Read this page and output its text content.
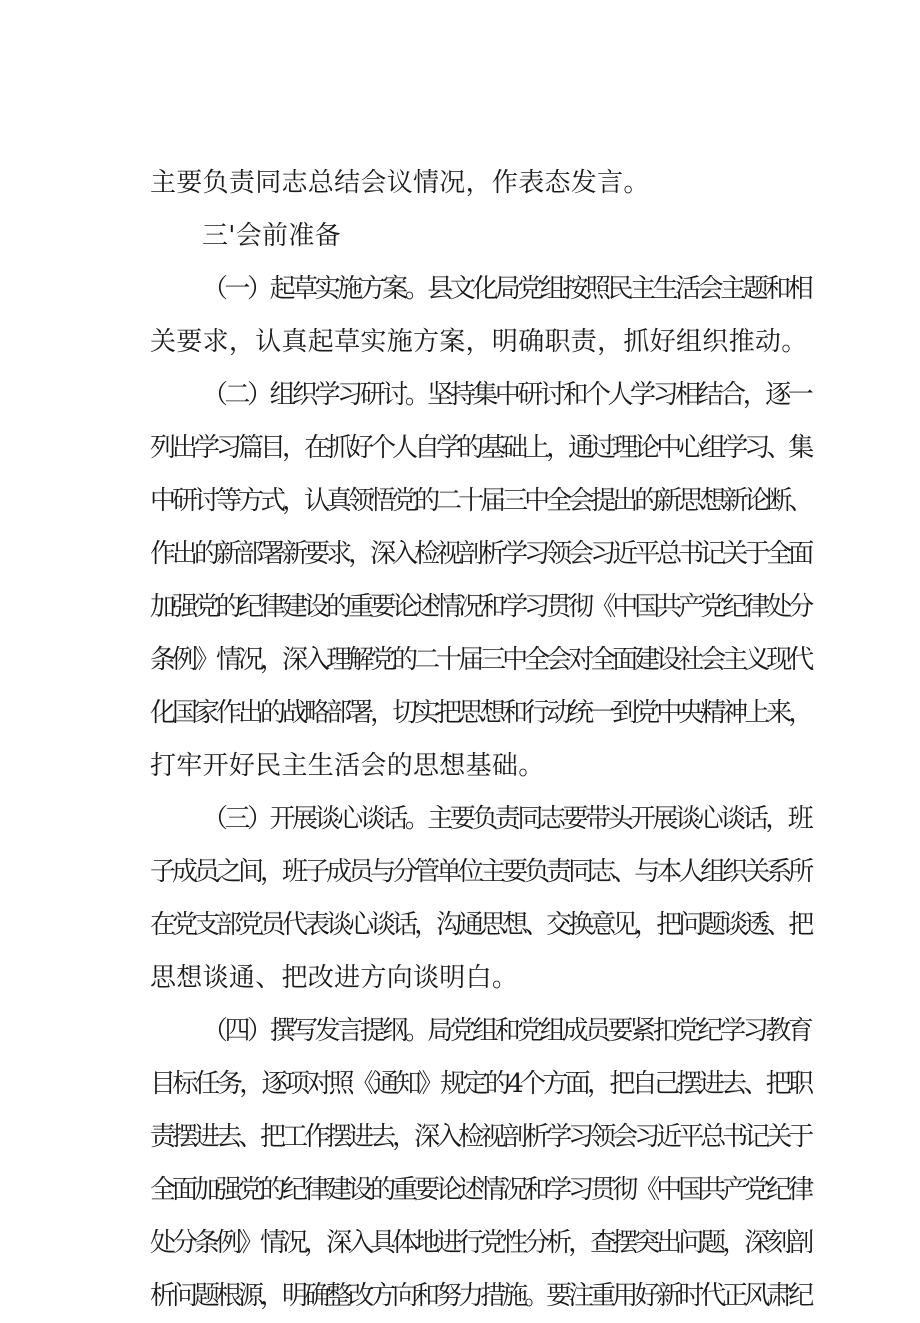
主要负责同志总结会议情况，作表态发言。
三'会前准备
（一）起草实施方案。县文化局党组按照民主生活会主题和相
关要求，认真起草实施方案，明确职责，抓好组织推动。
（二）组织学习研讨。坚持集中研讨和个人学习相结合，逐一
列出学习篇目，在抓好个人自学的基础上，通过理论中心组学习、集
中研讨等方式，认真领悟党的二十届三中全会提出的新思想新论断、
作出的新部署新要求，深入检视剖析学习领会习近平总书记关于全面
加强党的纪律建设的重要论述情况和学习贯彻《中国共产党纪律处分
条例》情况，深入理解党的二十届三中全会对全面建设社会主义现代
化国家作出的战略部署，切实把思想和行动统一到党中央精神上来，
打牢开好民主生活会的思想基础。
（三）开展谈心谈话。主要负责同志要带头开展谈心谈话，班
子成员之间，班子成员与分管单位主要负责同志、与本人组织关系所
在党支部党员代表谈心谈话，沟通思想、交换意见，把问题谈透、把
思想谈通、把改进方向谈明白。
（四）撰写发言提纲。局党组和党组成员要紧扣党纪学习教育
目标任务，逐项对照《通知》规定的4个方面，把自己摆进去、把职
责摆进去、把工作摆进去，深入检视剖析学习领会习近平总书记关于
全面加强党的纪律建设的重要论述情况和学习贯彻《中国共产党纪律
处分条例》情况，深入具体地进行党性分析，查摆突出问题，深刻剖
析问题根源，明确整改方向和努力措施。要注重用好新时代正风肃纪
